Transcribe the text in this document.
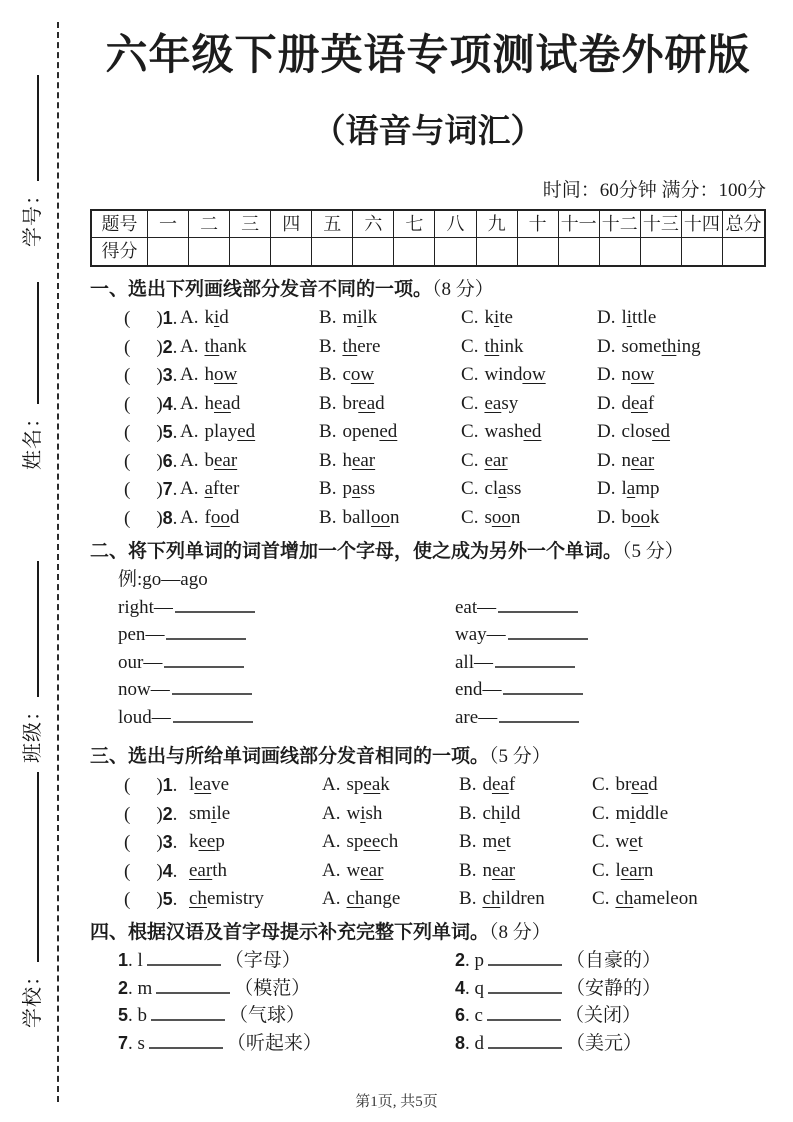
学号：
姓名：
班级：
学校：
六年级下册英语专项测试卷外研版
（语音与词汇）
时间：60分钟 满分：100分
题号	一	二	三	四	五	六	七	八	九	十 十一 十二 十三 十四 总分
得分
一、选出下列画线部分发音不同的一项。（8 分）
( )1. A. kid	B. milk	C. kite	D. little
( )2. A. thank	B. there	C. think	D. something
( )3. A. how	B. cow	C. window	D. now
( )4. A. head	B. bread	C. easy	D. deaf
( )5. A. played	B. opened	C. washed	D. closed
( )6. A. bear	B. hear	C. ear	D. near
( )7. A. after	B. pass	C. class	D. lamp
( )8. A. food	B. balloon	C. soon	D. book
二、将下列单词的词首增加一个字母，使之成为另外一个单词。（5 分）
例:go—ago
right—
pen—
our—
now—
loud—
eat—
way—
all—
end—
are—
三、选出与所给单词画线部分发音相同的一项。（5 分）
( )1. leave	A. speak	B. deaf	C. bread
( )2. smile	A. wish	B. child	C. middle
( )3. keep	A. speech	B. met	C. wet
( )4. earth	A. wear	B. near	C. learn
( )5. chemistry	A. change	B. children	C. chameleon
四、根据汉语及首字母提示补充完整下列单词。（8 分）
1. l	（字母）
2. m	（模范）
5. b	（气球）
7. s	（听起来）
2. p	（自豪的）
4. q	（安静的）
6. c	（关闭）
8. d	（美元）
第1页, 共5页
